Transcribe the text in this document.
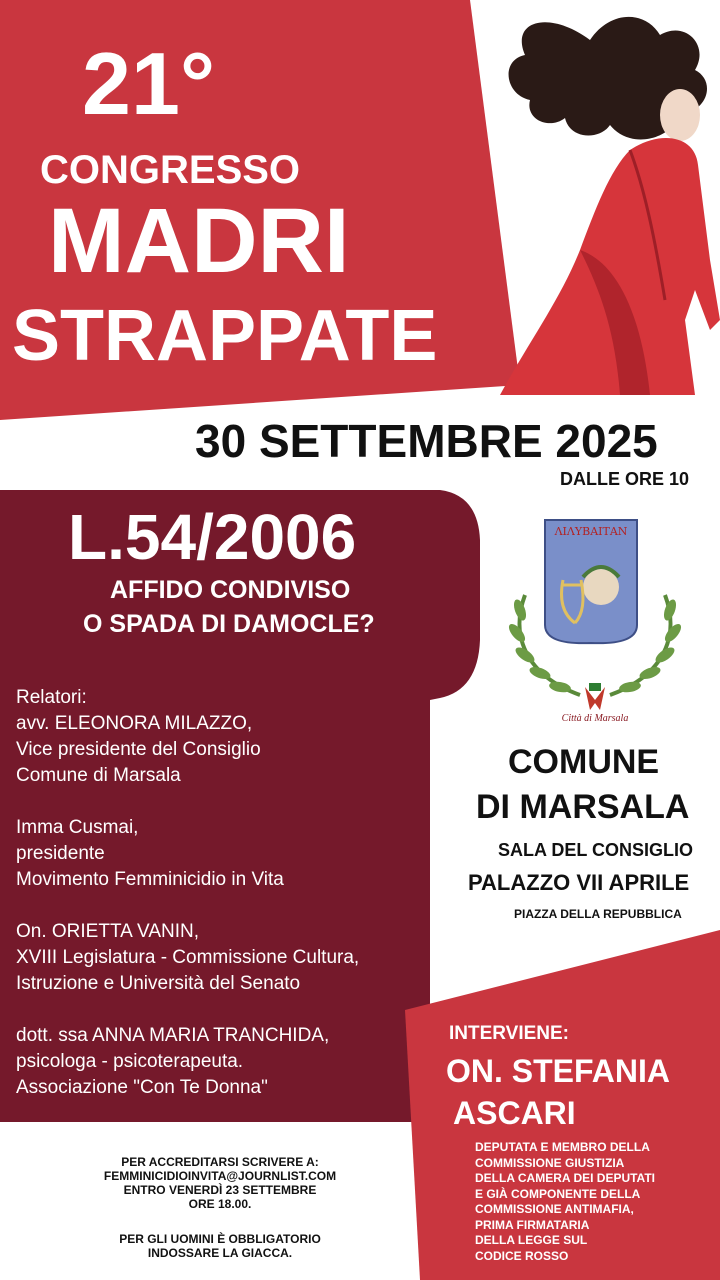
21°
CONGRESSO
MADRI
STRAPPATE
30 SETTEMBRE 2025
DALLE ORE 10
L.54/2006
AFFIDO CONDIVISO
O SPADA DI DAMOCLE?
Relatori:
avv. ELEONORA MILAZZO,
Vice presidente del Consiglio
Comune di Marsala
Imma Cusmai,
presidente
Movimento Femminicidio in Vita
On. ORIETTA VANIN,
XVIII Legislatura - Commissione Cultura,
Istruzione e Università del Senato
dott. ssa ANNA MARIA TRANCHIDA,
psicologa - psicoterapeuta.
Associazione "Con Te Donna"
ΛΙΛΥΒΑΙΤΑΝ
Città di Marsala
COMUNE
DI MARSALA
SALA DEL CONSIGLIO
PALAZZO VII APRILE
PIAZZA DELLA REPUBBLICA
INTERVIENE:
ON. STEFANIA
ASCARI
DEPUTATA E MEMBRO DELLA
COMMISSIONE GIUSTIZIA
DELLA CAMERA DEI DEPUTATI
E GIÀ COMPONENTE DELLA
COMMISSIONE ANTIMAFIA,
PRIMA FIRMATARIA
DELLA LEGGE SUL
CODICE ROSSO
PER ACCREDITARSI SCRIVERE A:
FEMMINICIDIOINVITA@JOURNLIST.COM
ENTRO VENERDÌ 23 SETTEMBRE
ORE 18.00.
PER GLI UOMINI È OBBLIGATORIO
INDOSSARE LA GIACCA.
